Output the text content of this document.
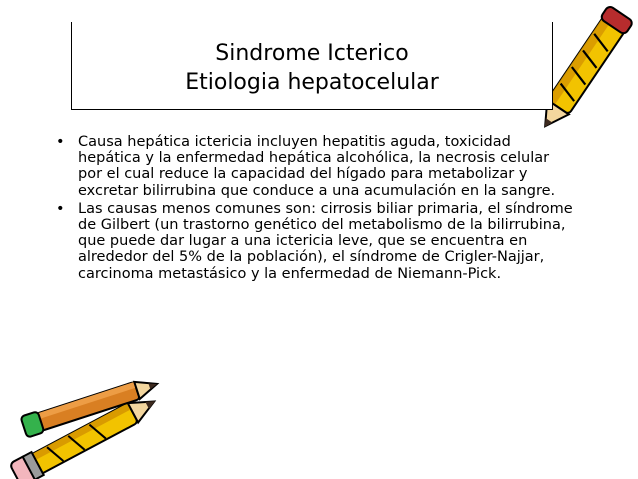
Sindrome Icterico
Etiologia hepatocelular
• Causa hepática ictericia incluyen hepatitis aguda, toxicidad hepática y la enfermedad hepática alcohólica, la necrosis celular por el cual reduce la capacidad del hígado para metabolizar y excretar bilirrubina que conduce a una acumulación en la sangre.
• Las causas menos comunes son: cirrosis biliar primaria, el síndrome de Gilbert (un trastorno genético del metabolismo de la bilirrubina, que puede dar lugar a una ictericia leve, que se encuentra en alrededor del 5% de la población), el síndrome de Crigler-Najjar, carcinoma metastásico y la enfermedad de Niemann-Pick.
